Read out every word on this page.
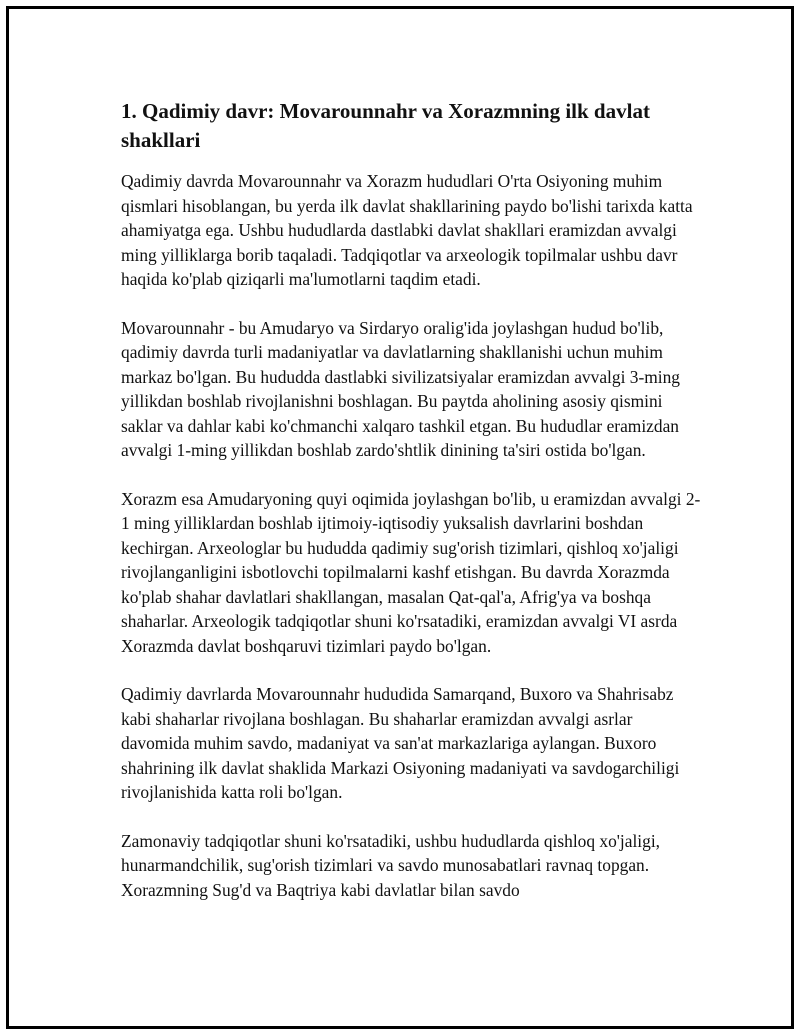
1. Qadimiy davr: Movarounnahr va Xorazmning ilk davlat shakllari

Qadimiy davrda Movarounnahr va Xorazm hududlari O'rta Osiyoning muhim qismlari hisoblangan, bu yerda ilk davlat shakllarining paydo bo'lishi tarixda katta ahamiyatga ega. Ushbu hududlarda dastlabki davlat shakllari eramizdan avvalgi ming yilliklarga borib taqaladi. Tadqiqotlar va arxeologik topilmalar ushbu davr haqida ko'plab qiziqarli ma'lumotlarni taqdim etadi.

Movarounnahr - bu Amudaryo va Sirdaryo oralig'ida joylashgan hudud bo'lib, qadimiy davrda turli madaniyatlar va davlatlarning shakllanishi uchun muhim markaz bo'lgan. Bu hududda dastlabki sivilizatsiyalar eramizdan avvalgi 3-ming yillikdan boshlab rivojlanishni boshlagan. Bu paytda aholining asosiy qismini saklar va dahlar kabi ko'chmanchi xalqaro tashkil etgan. Bu hududlar eramizdan avvalgi 1-ming yillikdan boshlab zardo'shtlik dinining ta'siri ostida bo'lgan.

Xorazm esa Amudaryoning quyi oqimida joylashgan bo'lib, u eramizdan avvalgi 2-1 ming yilliklardan boshlab ijtimoiy-iqtisodiy yuksalish davrlarini boshdan kechirgan. Arxeologlar bu hududda qadimiy sug'orish tizimlari, qishloq xo'jaligi rivojlanganligini isbotlovchi topilmalarni kashf etishgan. Bu davrda Xorazmda ko'plab shahar davlatlari shakllangan, masalan Qat-qal'a, Afrig'ya va boshqa shaharlar. Arxeologik tadqiqotlar shuni ko'rsatadiki, eramizdan avvalgi VI asrda Xorazmda davlat boshqaruvi tizimlari paydo bo'lgan.

Qadimiy davrlarda Movarounnahr hududida Samarqand, Buxoro va Shahrisabz kabi shaharlar rivojlana boshlagan. Bu shaharlar eramizdan avvalgi asrlar davomida muhim savdo, madaniyat va san'at markazlariga aylangan. Buxoro shahrining ilk davlat shaklida Markazi Osiyoning madaniyati va savdogarchiligi rivojlanishida katta roli bo'lgan.

Zamonaviy tadqiqotlar shuni ko'rsatadiki, ushbu hududlarda qishloq xo'jaligi, hunarmandchilik, sug'orish tizimlari va savdo munosabatlari ravnaq topgan. Xorazmning Sug'd va Baqtriya kabi davlatlar bilan savdo
